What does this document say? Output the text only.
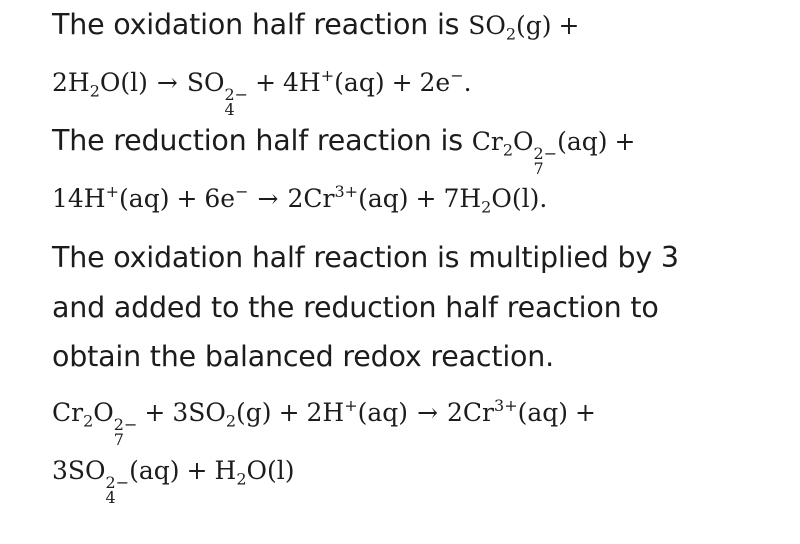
The oxidation half reaction is $SO_2(g)$ +
$2H_2O(l)$ → SO 2−
4
+ 4H+(aq) + 2e−.
The reduction half reaction is $Cr_2O$ 2−
7
(aq) +
$14H^+(aq) + 6e^- \to 2Cr^{3+}(aq) + 7H_2O(l)$.
The oxidation half reaction is multiplied by 3
and added to the reduction half reaction to
obtain the balanced redox reaction.
$Cr_2O$ 2−
7
+ $3SO_2(g) + 2H^+(aq) \to 2Cr^{3+}(aq)$ +
3SO 2−
4
$(aq) + H_2O(l)$
